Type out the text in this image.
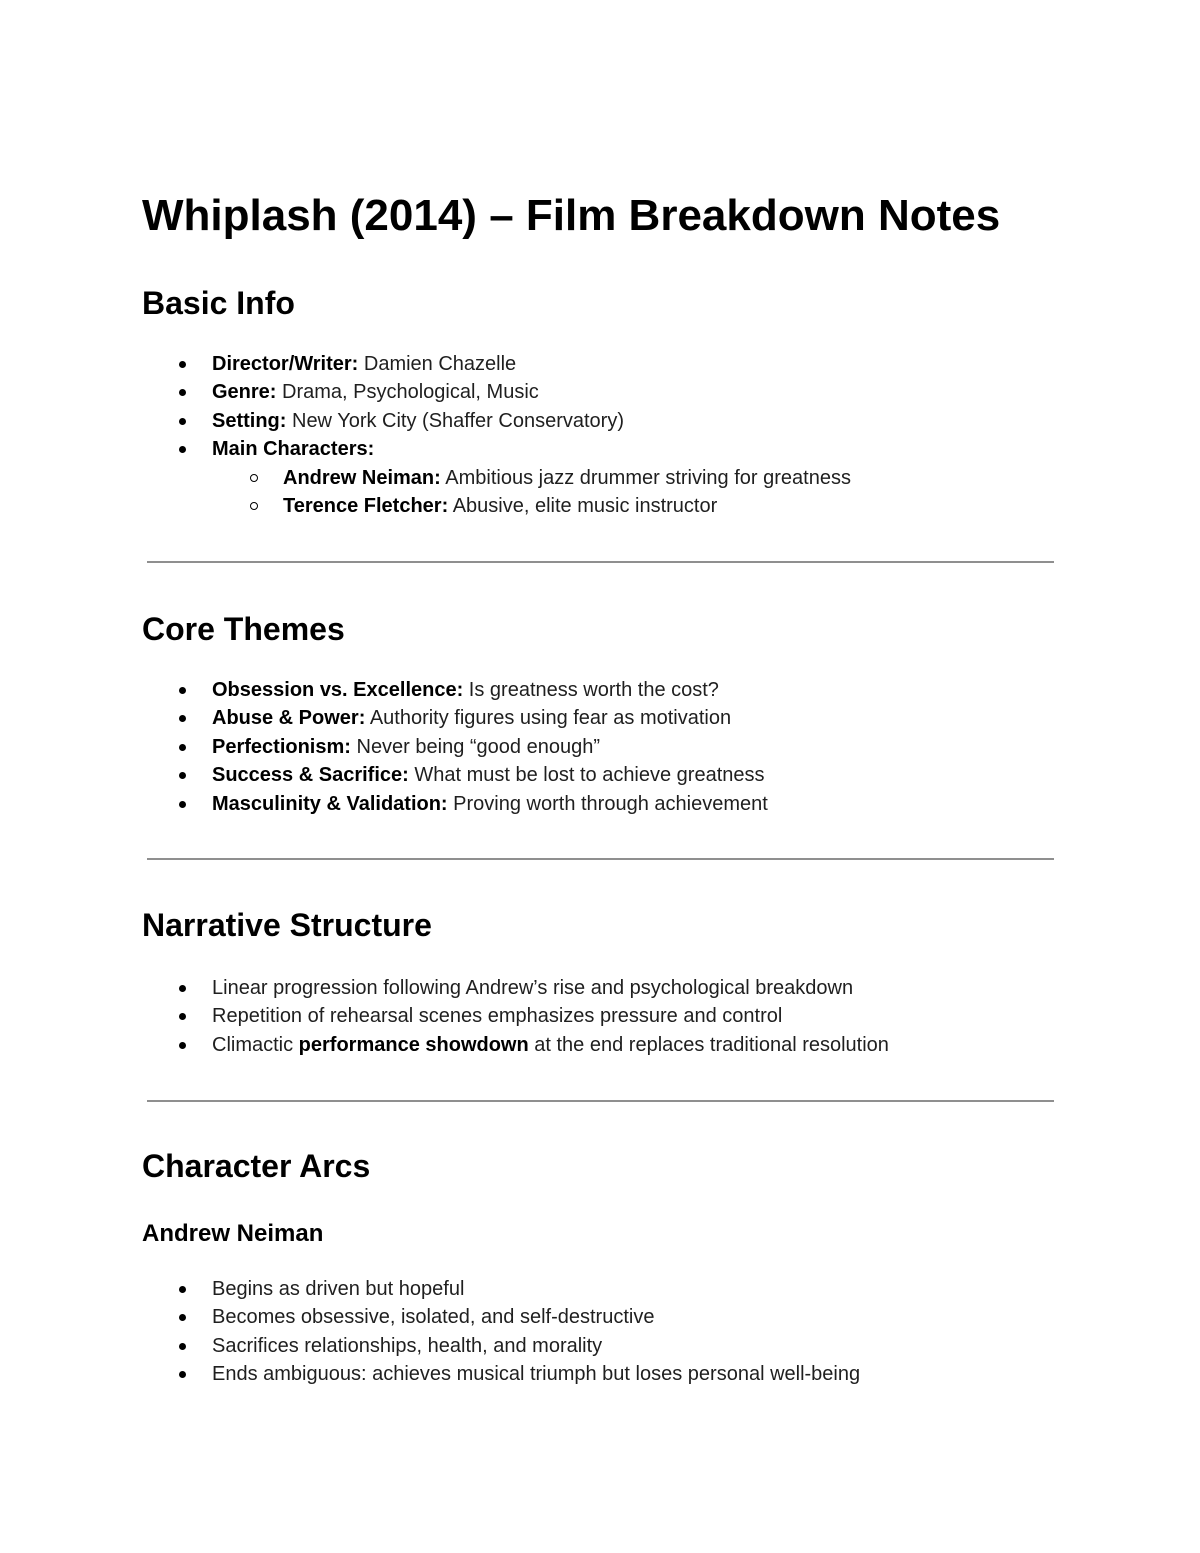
Whiplash (2014) – Film Breakdown Notes
Basic Info
Director/Writer: Damien Chazelle
Genre: Drama, Psychological, Music
Setting: New York City (Shaffer Conservatory)
Main Characters:
Andrew Neiman: Ambitious jazz drummer striving for greatness
Terence Fletcher: Abusive, elite music instructor
Core Themes
Obsession vs. Excellence: Is greatness worth the cost?
Abuse & Power: Authority figures using fear as motivation
Perfectionism: Never being “good enough”
Success & Sacrifice: What must be lost to achieve greatness
Masculinity & Validation: Proving worth through achievement
Narrative Structure
Linear progression following Andrew’s rise and psychological breakdown
Repetition of rehearsal scenes emphasizes pressure and control
Climactic performance showdown at the end replaces traditional resolution
Character Arcs
Andrew Neiman
Begins as driven but hopeful
Becomes obsessive, isolated, and self-destructive
Sacrifices relationships, health, and morality
Ends ambiguous: achieves musical triumph but loses personal well-being
